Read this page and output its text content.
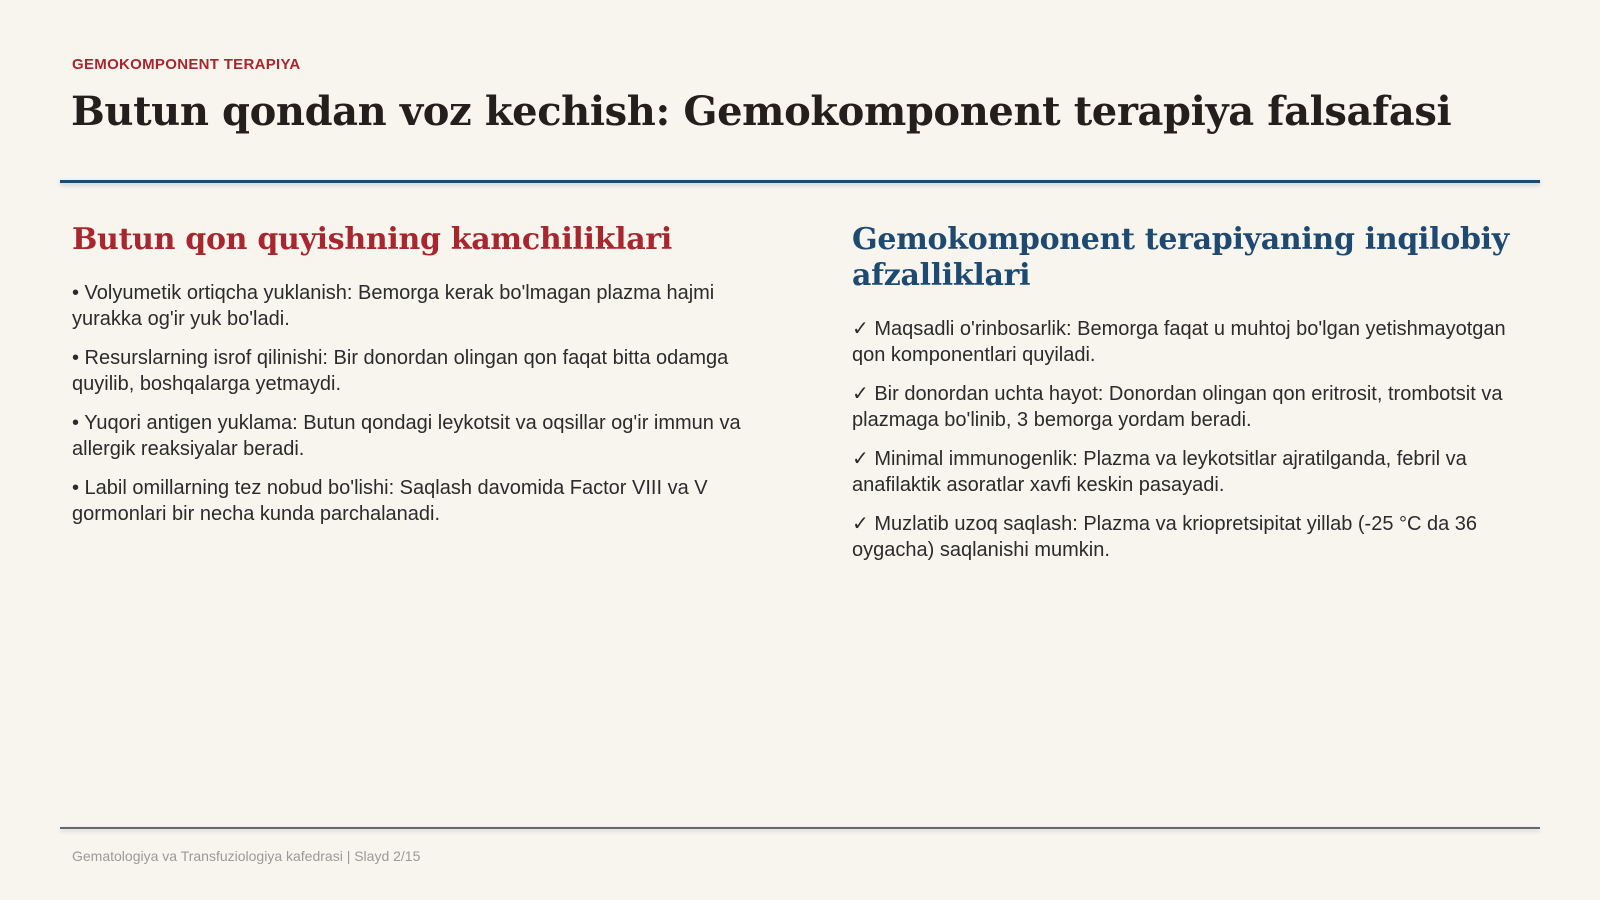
GEMOKOMPONENT TERAPIYA
Butun qondan voz kechish: Gemokomponent terapiya falsafasi
Butun qon quyishning kamchiliklari
• Volyumetik ortiqcha yuklanish: Bemorga kerak bo'lmagan plazma hajmi yurakka og'ir yuk bo'ladi.
• Resurslarning isrof qilinishi: Bir donordan olingan qon faqat bitta odamga quyilib, boshqalarga yetmaydi.
• Yuqori antigen yuklama: Butun qondagi leykotsit va oqsillar og'ir immun va allergik reaksiyalar beradi.
• Labil omillarning tez nobud bo'lishi: Saqlash davomida Factor VIII va V gormonlari bir necha kunda parchalanadi.
Gemokomponent terapiyaning inqilobiy afzalliklari
✓ Maqsadli o'rinbosarlik: Bemorga faqat u muhtoj bo'lgan yetishmayotgan qon komponentlari quyiladi.
✓ Bir donordan uchta hayot: Donordan olingan qon eritrosit, trombotsit va plazmaga bo'linib, 3 bemorga yordam beradi.
✓ Minimal immunogenlik: Plazma va leykotsitlar ajratilganda, febril va anafilaktik asoratlar xavfi keskin pasayadi.
✓ Muzlatib uzoq saqlash: Plazma va kriopretsipitat yillab (-25 °C da 36 oygacha) saqlanishi mumkin.
Gematologiya va Transfuziologiya kafedrasi | Slayd 2/15
